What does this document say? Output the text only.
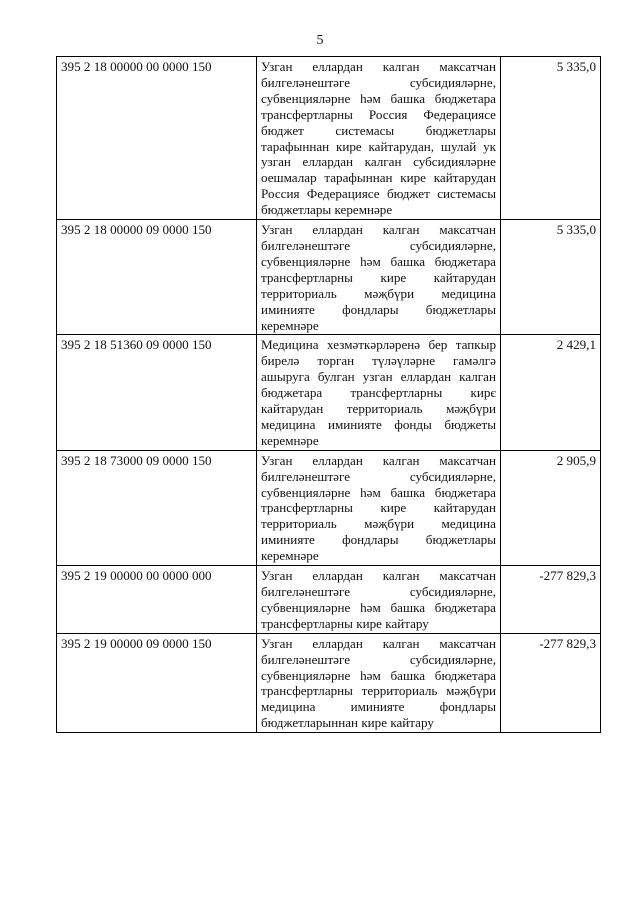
5
395 2 18 00000 00 0000 150	Узган еллардан калган максатчан билгеләнештәге субсидияләрне, субвенцияләрне һәм башка бюджетара трансфертларны Россия Федерациясе бюджет системасы бюджетлары тарафыннан кире кайтарудан, шулай ук узган еллардан калган субсидияләрне оешмалар тарафыннан кире кайтарудан Россия Федерациясе бюджет системасы бюджетлары керемнәре	5 335,0
395 2 18 00000 09 0000 150	Узган еллардан калган максатчан билгеләнештәге субсидияләрне, субвенцияләрне һәм башка бюджетара трансфертларны кире кайтарудан территориаль мәҗбүри медицина иминияте фондлары бюджетлары керемнәре	5 335,0
395 2 18 51360 09 0000 150	Медицина хезмәткәрләренә бер тапкыр бирелә торган түләүләрне гамәлгә ашыруга булган узган еллардан калган бюджетара трансфертларны кирє кайтарудан территориаль мәҗбүри медицина иминияте фонды бюджеты керемнәре	2 429,1
395 2 18 73000 09 0000 150	Узган еллардан калган максатчан билгеләнештәге субсидияләрне, субвенцияләрне һәм башка бюджетара трансфертларны кире кайтарудан территориаль мәҗбүри медицина иминияте фондлары бюджетлары керемнәре	2 905,9
395 2 19 00000 00 0000 000	Узган еллардан калган максатчан билгеләнештәге субсидияләрне, субвенцияләрне һәм башка бюджетара трансфертларны кире кайтару	-277 829,3
395 2 19 00000 09 0000 150	Узган еллардан калган максатчан билгеләнештәге субсидияләрне, субвенцияләрне һәм башка бюджетара трансфертларны территориаль мәҗбүри медицина иминияте фондлары бюджетларыннан кире кайтару	-277 829,3
